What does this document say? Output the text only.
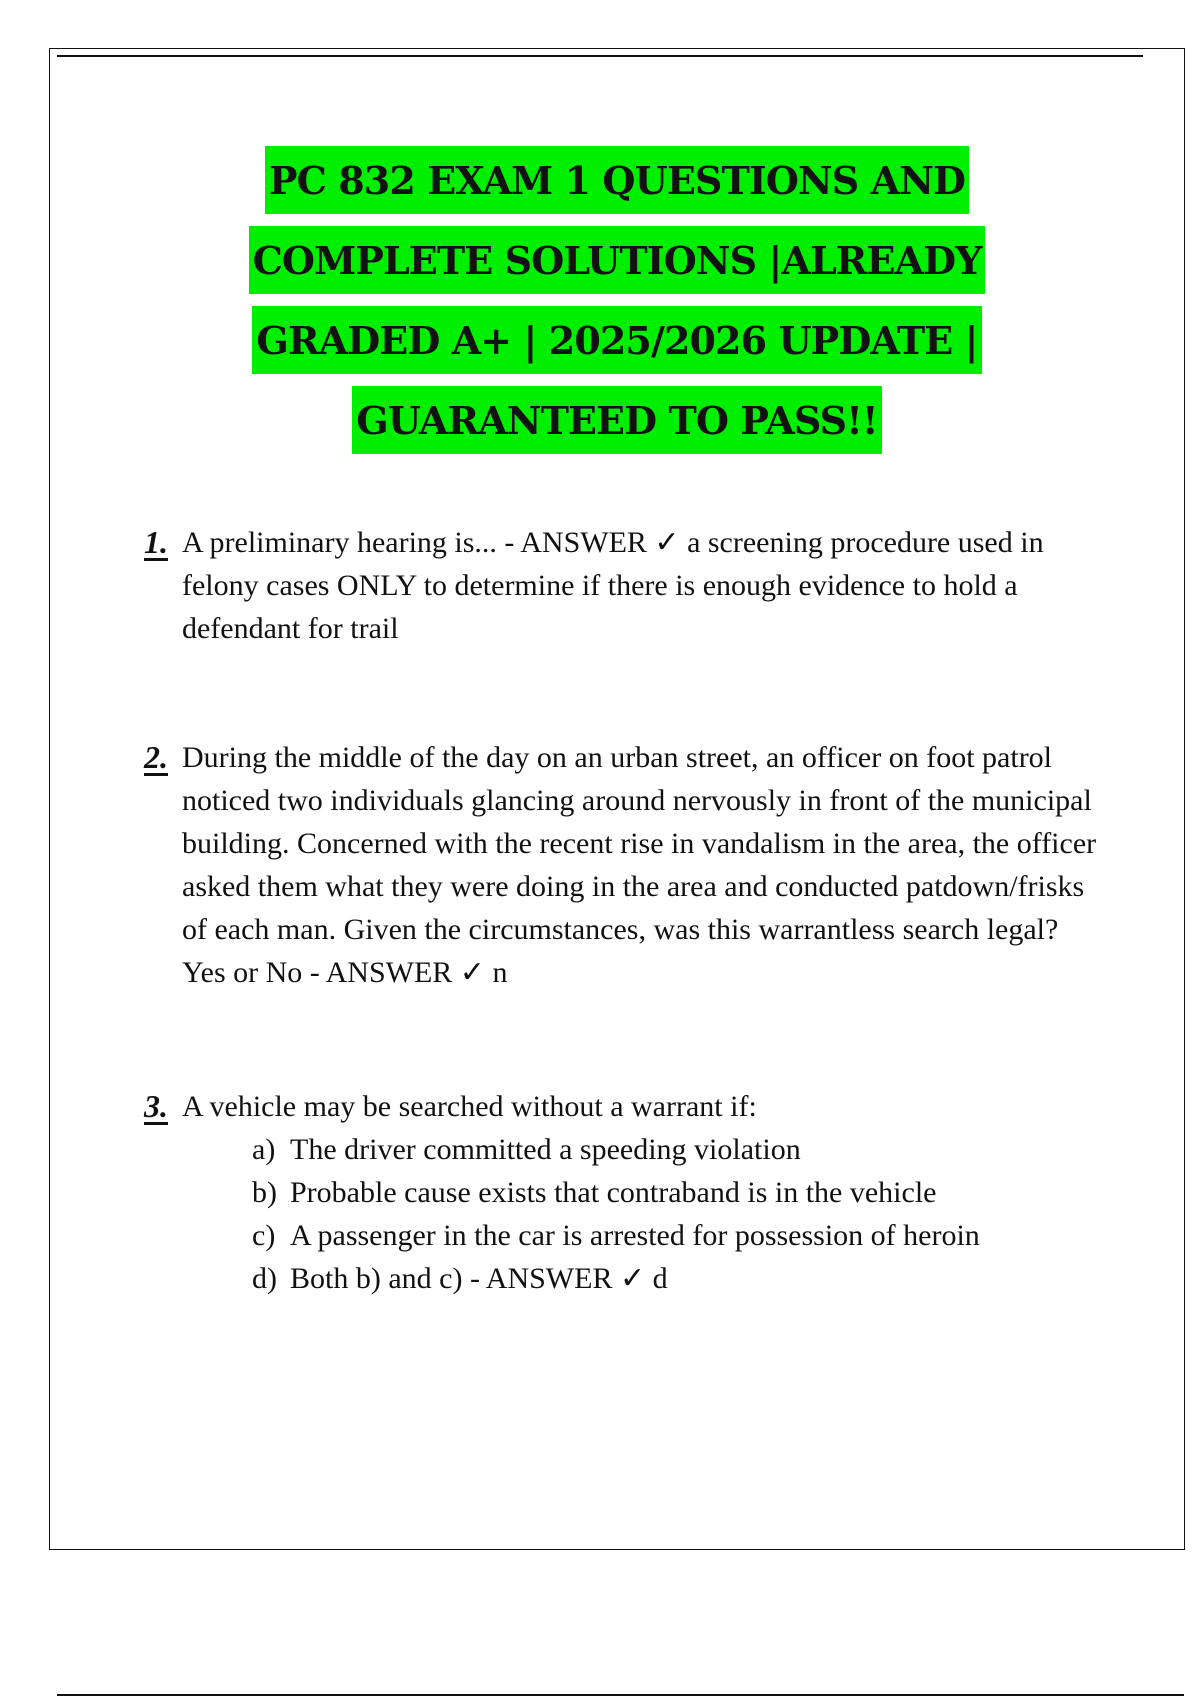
PC 832 EXAM 1 QUESTIONS AND
COMPLETE SOLUTIONS |ALREADY
GRADED A+ | 2025/2026 UPDATE |
GUARANTEED TO PASS!!
1. A preliminary hearing is... - ANSWER ✓ a screening procedure used in felony cases ONLY to determine if there is enough evidence to hold a defendant for trail
2. During the middle of the day on an urban street, an officer on foot patrol noticed two individuals glancing around nervously in front of the municipal building. Concerned with the recent rise in vandalism in the area, the officer asked them what they were doing in the area and conducted patdown/frisks of each man. Given the circumstances, was this warrantless search legal? Yes or No - ANSWER ✓ n
3. A vehicle may be searched without a warrant if:
a) The driver committed a speeding violation
b) Probable cause exists that contraband is in the vehicle
c) A passenger in the car is arrested for possession of heroin
d) Both b) and c) - ANSWER ✓ d
